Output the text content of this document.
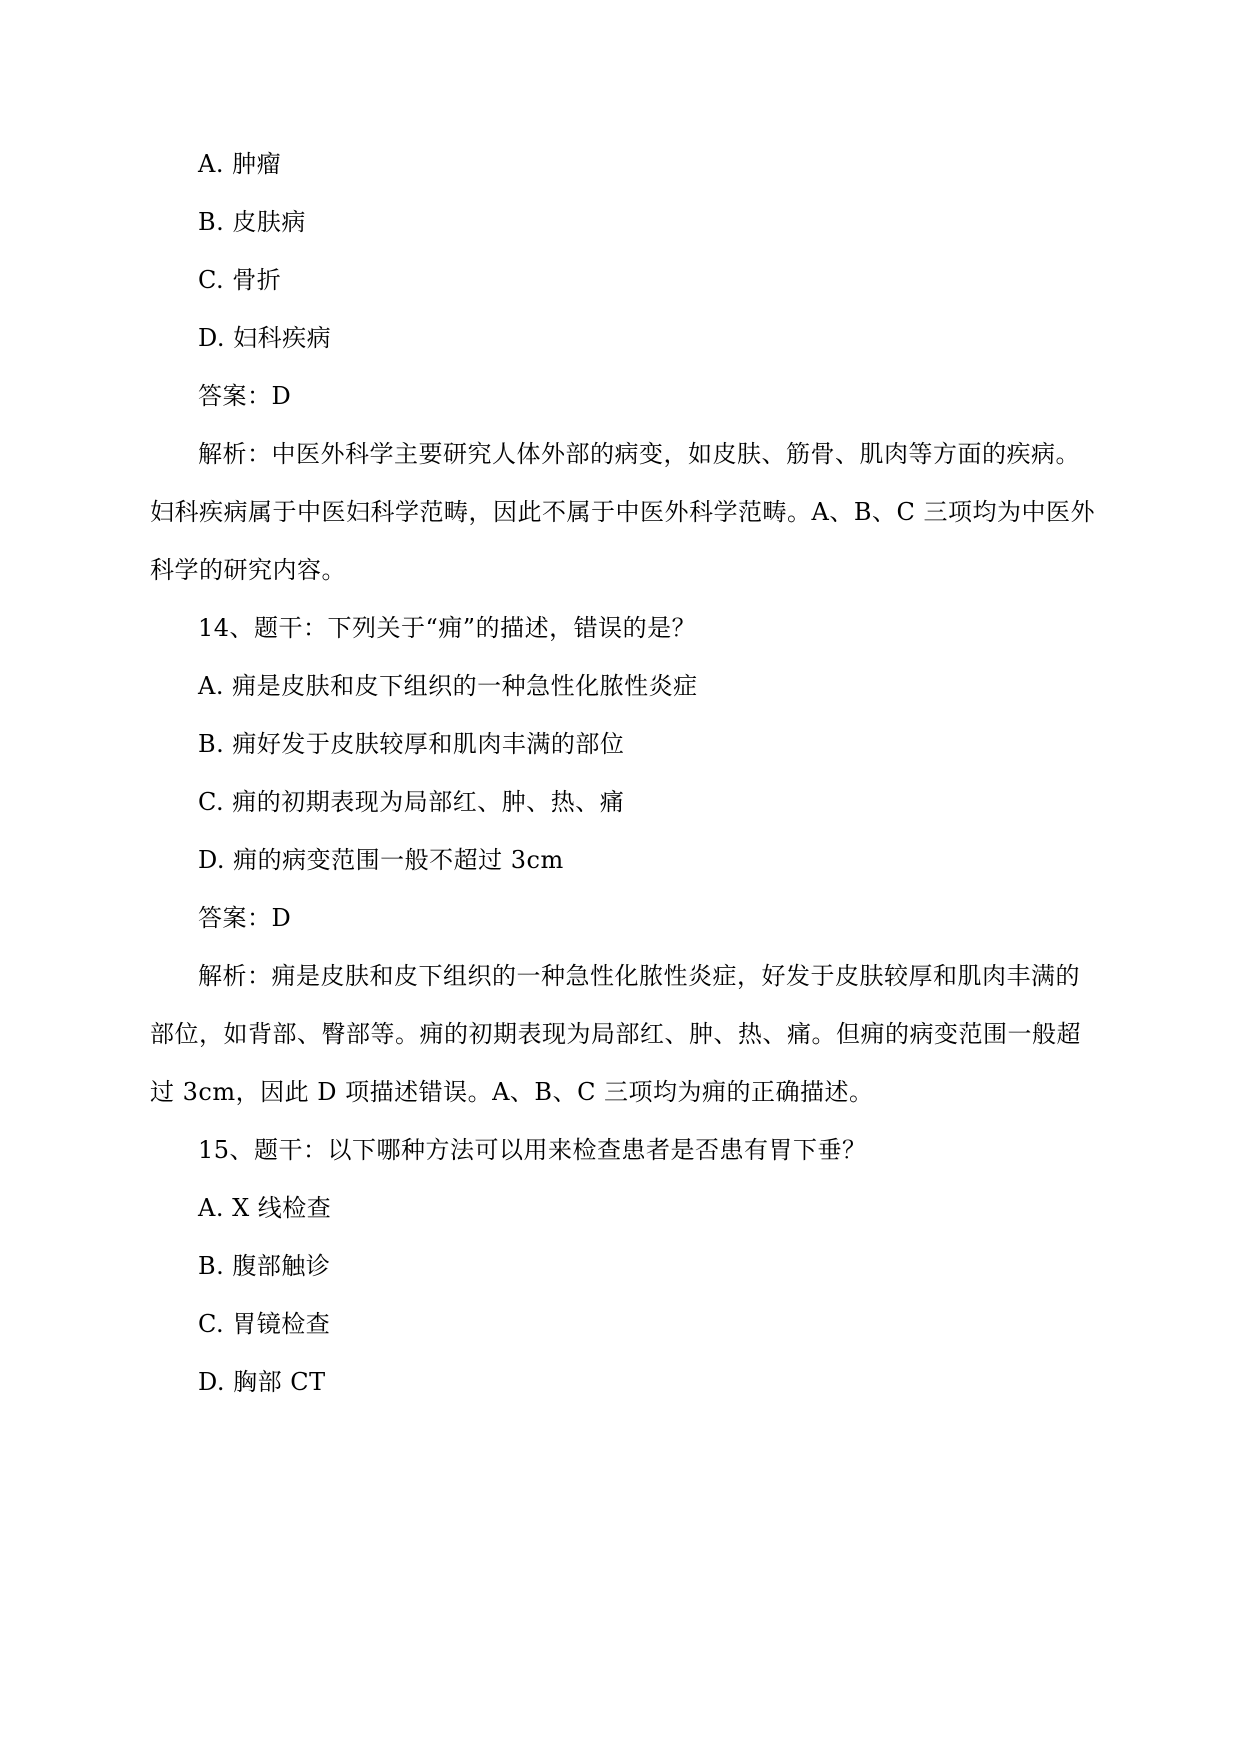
A. 肿瘤
B. 皮肤病
C. 骨折
D. 妇科疾病
答案：D
解析：中医外科学主要研究人体外部的病变，如皮肤、筋骨、肌肉等方面的疾病。
妇科疾病属于中医妇科学范畴，因此不属于中医外科学范畴。A、B、C 三项均为中医外
科学的研究内容。
14、题干：下列关于“痈”的描述，错误的是？
A. 痈是皮肤和皮下组织的一种急性化脓性炎症
B. 痈好发于皮肤较厚和肌肉丰满的部位
C. 痈的初期表现为局部红、肿、热、痛
D. 痈的病变范围一般不超过 3cm
答案：D
解析：痈是皮肤和皮下组织的一种急性化脓性炎症，好发于皮肤较厚和肌肉丰满的
部位，如背部、臀部等。痈的初期表现为局部红、肿、热、痛。但痈的病变范围一般超
过 3cm，因此 D 项描述错误。A、B、C 三项均为痈的正确描述。
15、题干：以下哪种方法可以用来检查患者是否患有胃下垂？
A. X 线检查
B. 腹部触诊
C. 胃镜检查
D. 胸部 CT
